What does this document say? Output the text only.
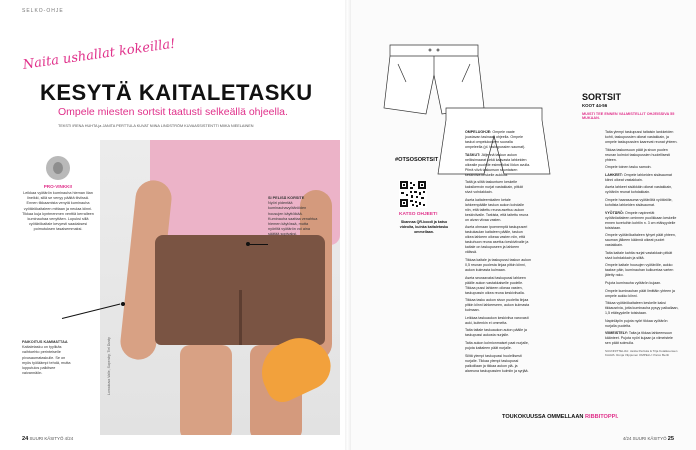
SELKO-OHJE
Naita ushallat kokeilla!
KESYTÄ KAITALETASKU
Ompele miesten sortsit taatusti selkeällä ohjeella.
TEKSTI IRENA HUHTA ja JANITA PERTTULA KUVAT NIINA LINDSTRÖM KUVAASSISTENTTI MIIKA NIEELAINEN
PRO-VINKKI!
Leikkaa vyötärön kuminauha hieman liian lineikki, sillä se venyy pääitä tiiviissä. Ennen tikkaamista venytä kuminauha vyötärökaitaleen mittaan ja neulaa kiinni. Tikkaa kuja kyntmenmen venttiä kerralleen kuminauhaa venyttäen. Lopuksi sillä vyötärökaitale kevyesti saadaksesi poimutuksen tasaisemmaksi.
Lomakuva Valle, Superdry, Tiel Dusty
SI PELISÄ KORSITE
Nyöri pidentää kuminauhavyötäröiden housujen käyttöikää. Kuminauha saattaa venahtua hiemen käytössä, mutta nyöriltä vyötärön voi aina säätää sopivaksi.
PAIKOITUS KAMMATTAA
Kaitaletasku on tyylikäs vaihtoehto perinteiselle pivusaumataskulle. Se on myös työläämpi tehdä, mutta lopputulos palkitsee vaivannäön.
24 SUURI KÄSITYÖ 4/24
SORTSIT
KOOT 44-56
MUISTI TEE ENNEN VALMISTELLIT OHJEISSIVA 55 MUKAAN.
#OTSOSORTSIT
KATSO OHJEET!
Skannaa QR-koodi ja katso videolta, kuinka kaitaletasku ommellaan.

OMPELUOHJE: Ompele vaate joustavan tasinaan ohjeella. Ompele taskut ompelukoneen suoralla ompeleella (pl. taskupussien saumat).

TASKUT: Jäljennä taskun aukon neliksimaarat sekä kaavasta lahkeiden oikealle puolelle esimerkiksi liidun avulla. Piirrä viivä taskunson suuntaisen keskiviiva keskelle aukkoa.

Taitä ja silitä taskuntuen keskelle kaksikerroin nurjat vastakkain, pitkät sivut vohdakkain.

Aseta kaitaleemkaiten ketale lahkeenpäälle taskun aukon kohdalle niin, että taitettu reuna asettuu aukon keskiviivalle. Tarkista, että taitettu reuna on aivan viivaa vasten.

Aseta ohmaan ipoenemptä taskupuseri taskukaulan kaitaleen päälle, taskun oikea lahkeen oikeaa vasten niin, että taskuhuon reuna asettuu keskiviivalle ja kaitale on taskupuseen ja lahkeen välissä.

Tikkaa kaitale ja taskupussi taskun aukon 0,5 reunan puolesta linjaa pitkin kiinni, aukon kulmasta kulmaan.

Aseta seuraavaksi taskupussi lahkeen päälle aukon vastakkaiselle puolelle. Tikkaa pussi lahkeen oikeaa vasten, taskupussin oikea reuna keskiviivalla.

Tikkaa tasku aukon sivun puolelta linjaa pitkin kiinni lahkeeseen, aukon kulmasta kulmaan.

Leikkaa taskuaukon keskiviiva varovasti auki, kuitenkin ei ommelta.

Taita taitale taskuaukon auton päälle ja taskupussi aukosta nurjalle.

Taita aukon kolmionmaiset paat nurjalle, pujota kaitaleen päät nurjalle.

Silitä ylempi taskupussi huolellisesti nurjalle. Tikkaa ylempi taskupussi paikoillaan ja tikkaa aukon ylä- ja alareuna taskupussien kulmiin ja syrjää.

Taita ylempi taskupussi taitaisin lankkeiden kohti, taskupussien oikeat vastakkain, ja ompele taskupussien kaarevat reunat yhteen.

Tikkaa taskunsuun päät ja sivun puolen reunan kolmiot taskupussien huolellisesti yhteen.

Ompele toinen tasku samoin.

LAHKEET: Ompele lahkeiden sisäsaumat kiinni oikeat vastakkain.

Aseta lahkeet sisäkkäin oikeat vastakkain, vyötärön reunat kohdakkain.

Ompele haarasauma vyötäröltä vyötärölle, kohdista lahkeiden sisäsaumat.

VYÖTÄRÖ: Ompele napinreiät vyötäröaitaleen ominnen puolikkaan keskelle ennen tuvetuihin kohtiin n. 3 cm etäisyydelle toisistaan.

Ompele vyötärökaitaleen lyhyet päät yhteen, sauman jälkeen käännä oikeat puolet vastakkain.

Taita kaitale kahtia nurjat vastakkain pitkät sivut kohdakkain ja silitä.

Ompele kaitale housujen vyötärölle, aukko taakse päin, kuminauhan kulkureiaa varten jätetty rako.

Pujota kuminauha vyötärön kujaan.

Ompele kuminauhan päät limittäin yhteen ja ompele aukko kiinni.

Tikkaa vyötärökaitaleen keskelle kaksi tikkausrivia, jotta kuminauha pysyy paikallaan, 1,5 etäisyydelle toisistaan.

Napinläpiin pujota nyöri tikkaa vyötärön nurjalla puolelta.

VIIMEISTELY: Taita ja tikkaa lahkeensuun käänteet. Pujota nyöri kujaan ja viimeistele sen päät solmulla.

SUUNNITTELIJA: Janita Perttula & Trija Kotalkoensen KAAVA: Ronja Vilppunen OMPELU: Parco Berlit
TOUKOKUUSSA OMMELLAAN RIBBITOPPI.
4/24 SUURI KÄSITYÖ 25
